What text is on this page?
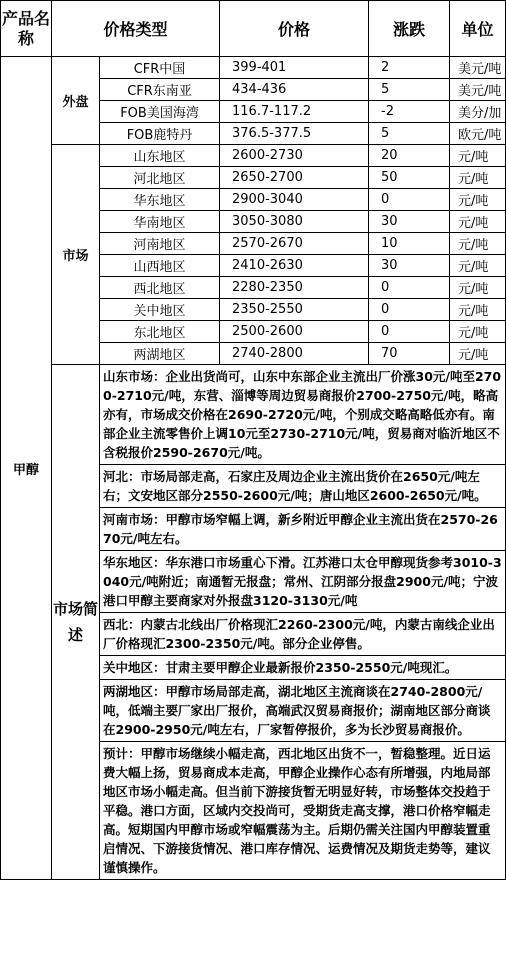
产品名称	价格类型		价格	涨跌	单位
甲醇	外盘	CFR中国	399-401	2	美元/吨
		CFR东南亚	434-436	5	美元/吨
		FOB美国海湾	116.7-117.2	-2	美分/加
		FOB鹿特丹	376.5-377.5	5	欧元/吨
	市场	山东地区	2600-2730	20	元/吨
		河北地区	2650-2700	50	元/吨
		华东地区	2900-3040	0	元/吨
		华南地区	3050-3080	30	元/吨
		河南地区	2570-2670	10	元/吨
		山西地区	2410-2630	30	元/吨
		西北地区	2280-2350	0	元/吨
		关中地区	2350-2550	0	元/吨
		东北地区	2500-2600	0	元/吨
		两湖地区	2740-2800	70	元/吨
	市场简述	山东市场：企业出货尚可，山东中东部企业主流出厂价涨30元/吨至2700-2710元/吨，东营、淄博等周边贸易商报价2700-2750元/吨，略高亦有，市场成交价格在2690-2720元/吨，个别成交略高略低亦有。南部企业主流零售价上调10元至2730-2710元/吨，贸易商对临沂地区不含税报价2590-2670元/吨。			
		河北：市场局部走高，石家庄及周边企业主流出货价在2650元/吨左右；文安地区部分2550-2600元/吨；唐山地区2600-2650元/吨。			
		河南市场：甲醇市场窄幅上调，新乡附近甲醇企业主流出货在2570-2670元/吨左右。			
		华东地区：华东港口市场重心下滑。江苏港口太仓甲醇现货参考3010-3040元/吨附近；南通暂无报盘；常州、江阴部分报盘2900元/吨；宁波港口甲醇主要商家对外报盘3120-3130元/吨			
		西北：内蒙古北线出厂价格现汇2260-2300元/吨，内蒙古南线企业出厂价格现汇2300-2350元/吨。部分企业停售。			
		关中地区：甘肃主要甲醇企业最新报价2350-2550元/吨现汇。			
		两湖地区：甲醇市场局部走高，湖北地区主流商谈在2740-2800元/吨，低端主要厂家出厂报价，高端武汉贸易商报价；湖南地区部分商谈在2900-2950元/吨左右，厂家暂停报价，多为长沙贸易商报价。			
		预计：甲醇市场继续小幅走高，西北地区出货不一，暂稳整理。近日运费大幅上扬，贸易商成本走高，甲醇企业操作心态有所增强，内地局部地区市场小幅走高。但当前下游接货暂无明显好转，市场整体交投趋于平稳。港口方面，区域内交投尚可，受期货走高支撑，港口价格窄幅走高。短期国内甲醇市场或窄幅震荡为主。后期仍需关注国内甲醇装置重启情况、下游接货情况、港口库存情况、运费情况及期货走势等，建议谨慎操作。			
